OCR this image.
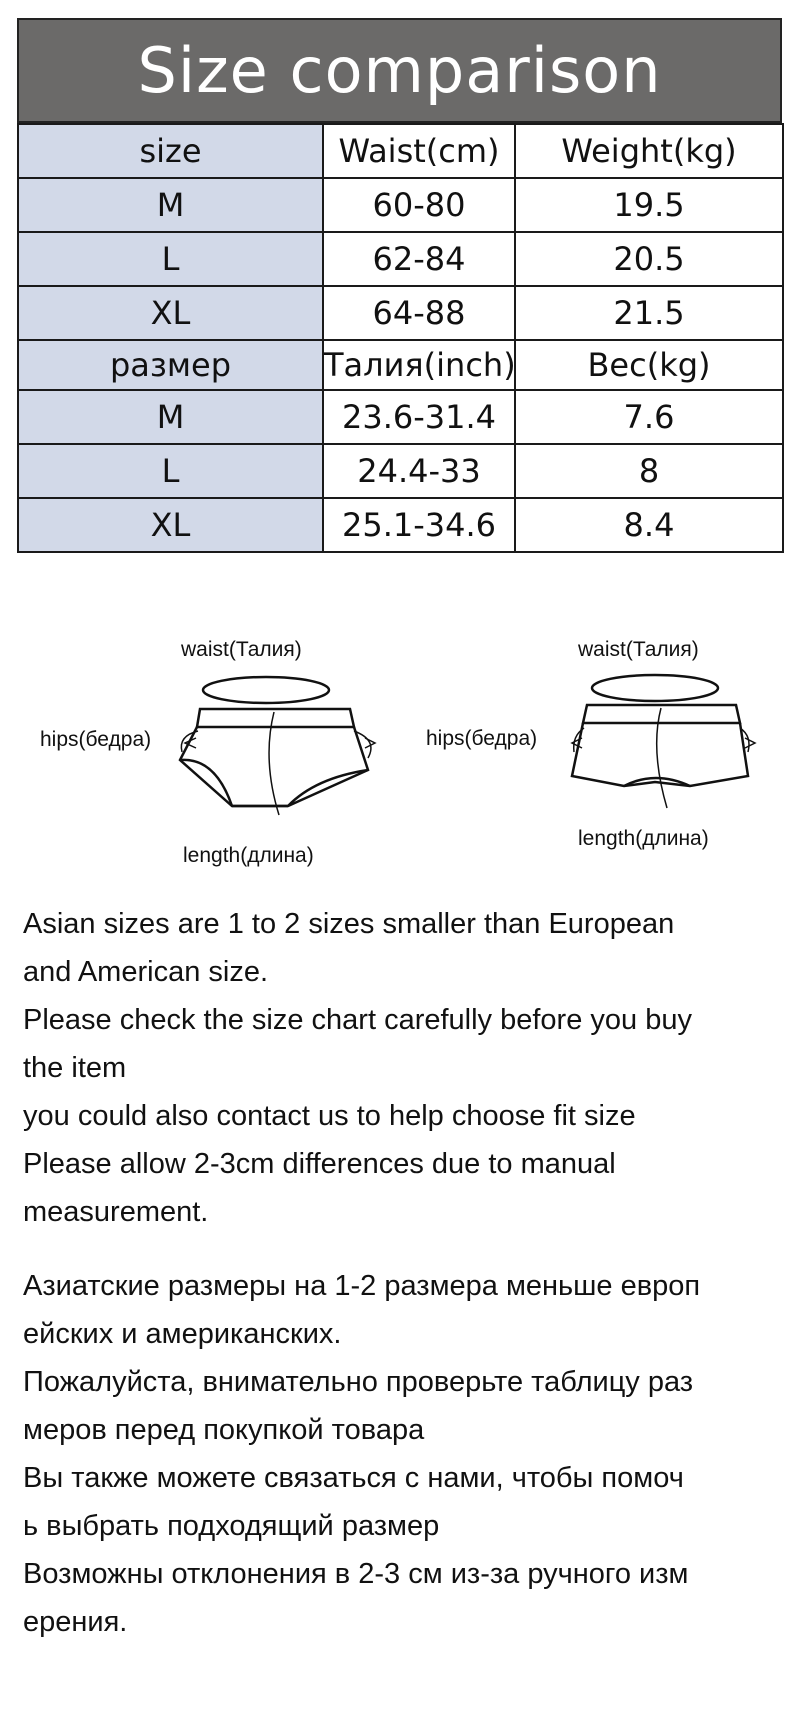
Size comparison
size	Waist(cm)	Weight(kg)
M	60-80	19.5
L	62-84	20.5
XL	64-88	21.5
размер	Талия(inch)	Вес(kg)
M	23.6-31.4	7.6
L	24.4-33	8
XL	25.1-34.6	8.4
waist(Талия)
hips(бедра)
length(длина)
waist(Талия)
hips(бедра)
length(длина)
Asian sizes are 1 to 2 sizes smaller than European
and American size.
Please check the size chart carefully before you buy
the item
you could also contact us to help choose fit size
Please allow 2-3cm differences due to manual
measurement.
Азиатские размеры на 1-2 размера меньше европ
ейских и американских.
Пожалуйста, внимательно проверьте таблицу раз
меров перед покупкой товара
Вы также можете связаться с нами, чтобы помоч
ь выбрать подходящий размер
Возможны отклонения в 2-3 см из-за ручного изм
ерения.
